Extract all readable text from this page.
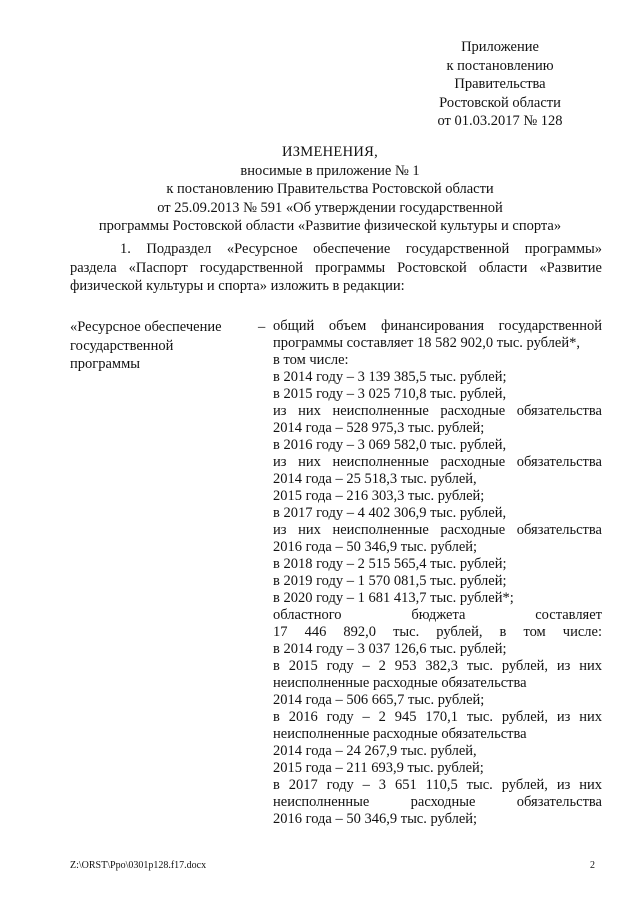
Приложение
к постановлению
Правительства
Ростовской области
от 01.03.2017 № 128
ИЗМЕНЕНИЯ,
вносимые в приложение № 1
к постановлению Правительства Ростовской области
от 25.09.2013 № 591 «Об утверждении государственной
программы Ростовской области «Развитие физической культуры и спорта»
1. Подраздел «Ресурсное обеспечение государственной программы»
раздела «Паспорт государственной программы Ростовской области «Развитие
физической культуры и спорта» изложить в редакции:
«Ресурсное обеспечение
государственной
программы
– общий объем финансирования государственной
программы составляет 18 582 902,0 тыс. рублей*,
в том числе:
в 2014 году – 3 139 385,5 тыс. рублей;
в 2015 году – 3 025 710,8 тыс. рублей,
из них неисполненные расходные обязательства
2014 года – 528 975,3 тыс. рублей;
в 2016 году – 3 069 582,0 тыс. рублей,
из них неисполненные расходные обязательства
2014 года – 25 518,3 тыс. рублей,
2015 года – 216 303,3 тыс. рублей;
в 2017 году – 4 402 306,9 тыс. рублей,
из них неисполненные расходные обязательства
2016 года – 50 346,9 тыс. рублей;
в 2018 году – 2 515 565,4 тыс. рублей;
в 2019 году – 1 570 081,5 тыс. рублей;
в 2020 году – 1 681 413,7 тыс. рублей*;
областного бюджета составляет
17 446 892,0 тыс. рублей, в том числе:
в 2014 году – 3 037 126,6 тыс. рублей;
в 2015 году – 2 953 382,3 тыс. рублей, из них
неисполненные расходные обязательства
2014 года – 506 665,7 тыс. рублей;
в 2016 году – 2 945 170,1 тыс. рублей, из них
неисполненные расходные обязательства
2014 года – 24 267,9 тыс. рублей,
2015 года – 211 693,9 тыс. рублей;
в 2017 году – 3 651 110,5 тыс. рублей, из них
неисполненные расходные обязательства
2016 года – 50 346,9 тыс. рублей;
Z:\ORST\Ppo\0301p128.f17.docx	2
